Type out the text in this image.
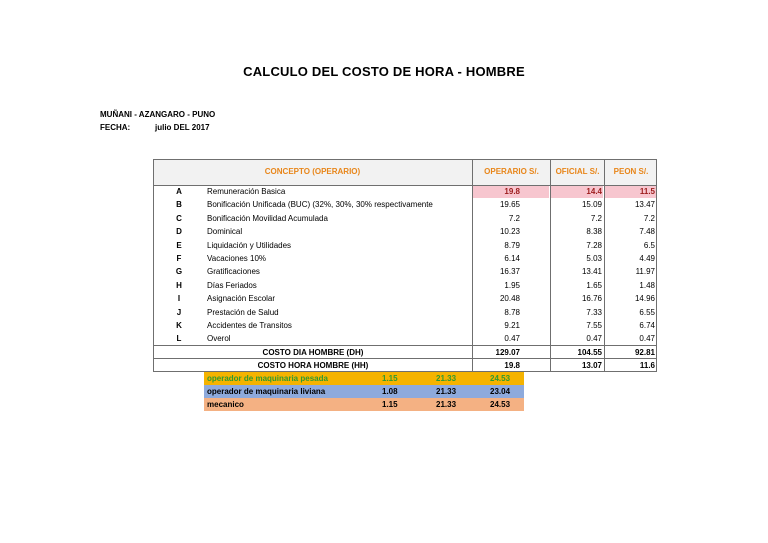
CALCULO DEL COSTO DE HORA - HOMBRE
MUÑANI - AZANGARO - PUNO
FECHA:	julio DEL 2017
CONCEPTO (OPERARIO)	OPERARIO S/.	OFICIAL S/.	PEON S/.
A	Remuneración Basica	19.8	14.4	11.5
B	Bonificación Unificada (BUC) (32%, 30%, 30% respectivamente	19.65	15.09	13.47
C	Bonificación Movilidad Acumulada	7.2	7.2	7.2
D	Dominical	10.23	8.38	7.48
E	Liquidación y Utilidades	8.79	7.28	6.5
F	Vacaciones 10%	6.14	5.03	4.49
G	Gratificaciones	16.37	13.41	11.97
H	Días Feriados	1.95	1.65	1.48
I	Asignación Escolar	20.48	16.76	14.96
J	Prestación de Salud	8.78	7.33	6.55
K	Accidentes de Transitos	9.21	7.55	6.74
L	Overol	0.47	0.47	0.47
COSTO DIA HOMBRE (DH)	129.07	104.55	92.81
COSTO HORA HOMBRE (HH)	19.8	13.07	11.6
operador de maquinaria pesada	1.15	21.33	24.53
operador de maquinaria liviana	1.08	21.33	23.04
mecanico	1.15	21.33	24.53
